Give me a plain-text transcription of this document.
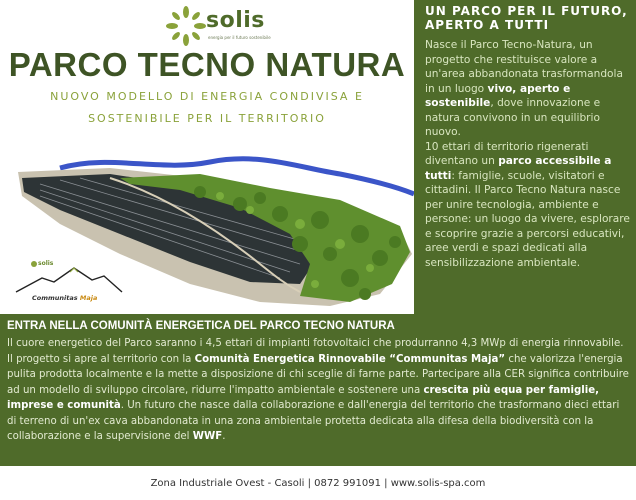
solis
energia per il futuro sostenibile
PARCO TECNO NATURA
NUOVO MODELLO DI ENERGIA CONDIVISA E
SOSTENIBILE PER IL TERRITORIO
solis
Communitas Maja
UN PARCO PER IL FUTURO,
APERTO A TUTTI

Nasce il Parco Tecno-Natura, un progetto che restituisce valore a un'area abbandonata trasformandola in un luogo vivo, aperto e sostenibile, dove innovazione e natura convivono in un equilibrio nuovo.

10 ettari di territorio rigenerati diventano un parco accessibile a tutti: famiglie, scuole, visitatori e cittadini. Il Parco Tecno Natura nasce per unire tecnologia, ambiente e persone: un luogo da vivere, esplorare e scoprire grazie a percorsi educativi, aree verdi e spazi dedicati alla sensibilizzazione ambientale.

ENTRA NELLA COMUNITÀ ENERGETICA DEL PARCO TECNO NATURA
Il cuore energetico del Parco saranno i 4,5 ettari di impianti fotovoltaici che produrranno 4,3 MWp di energia rinnovabile. Il progetto si apre al territorio con la Comunità Energetica Rinnovabile “Communitas Maja” che valorizza l'energia pulita prodotta localmente e la mette a disposizione di chi sceglie di farne parte. Partecipare alla CER significa contribuire ad un modello di sviluppo circolare, ridurre l'impatto ambientale e sostenere una crescita più equa per famiglie, imprese e comunità. Un futuro che nasce dalla collaborazione e dall'energia del territorio che trasformano dieci ettari di terreno di un'ex cava abbandonata in una zona ambientale protetta dedicata alla difesa della biodiversità con la collaborazione e la supervisione del WWF.
Zona Industriale Ovest - Casoli | 0872 991091 | www.solis-spa.com
